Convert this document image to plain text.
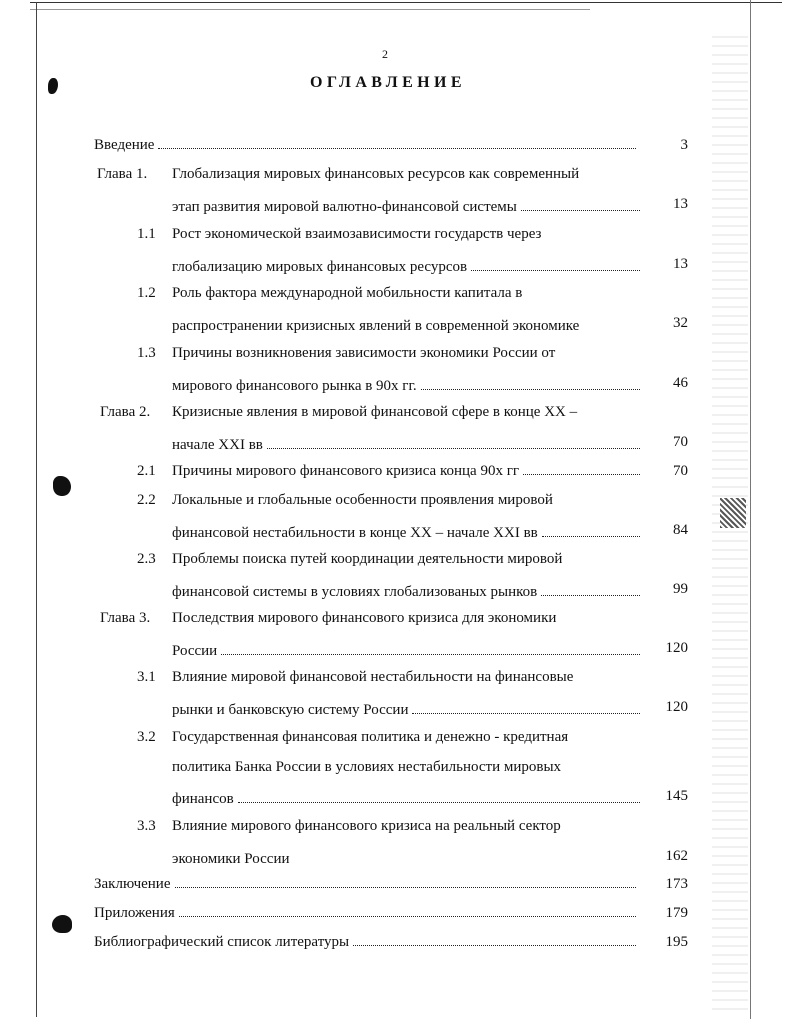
2
ОГЛАВЛЕНИЕ
Введение	3
Глава 1. Глобализация мировых финансовых ресурсов как современный
этап развития мировой валютно-финансовой системы	13
1.1 Рост экономической взаимозависимости государств через
глобализацию мировых финансовых ресурсов	13
1.2 Роль фактора международной мобильности капитала в
распространении кризисных явлений в современной экономике	32
1.3 Причины возникновения зависимости экономики России от
мирового финансового рынка в 90х гг.	46
Глава 2. Кризисные явления в мировой финансовой сфере в конце XX –
начале XXI вв	70
2.1 Причины мирового финансового кризиса конца 90х гг	70
2.2 Локальные и глобальные особенности проявления мировой
финансовой нестабильности в конце XX – начале XXI вв	84
2.3 Проблемы поиска путей координации деятельности мировой
финансовой системы в условиях глобализованых рынков	99
Глава 3. Последствия мирового финансового кризиса для экономики
России	120
3.1 Влияние мировой финансовой нестабильности на финансовые
рынки и банковскую систему России	120
3.2 Государственная финансовая политика и денежно - кредитная
политика Банка России в условиях нестабильности мировых
финансов	145
3.3 Влияние мирового финансового кризиса на реальный сектор
экономики России	162
Заключение	173
Приложения	179
Библиографический список литературы	195
